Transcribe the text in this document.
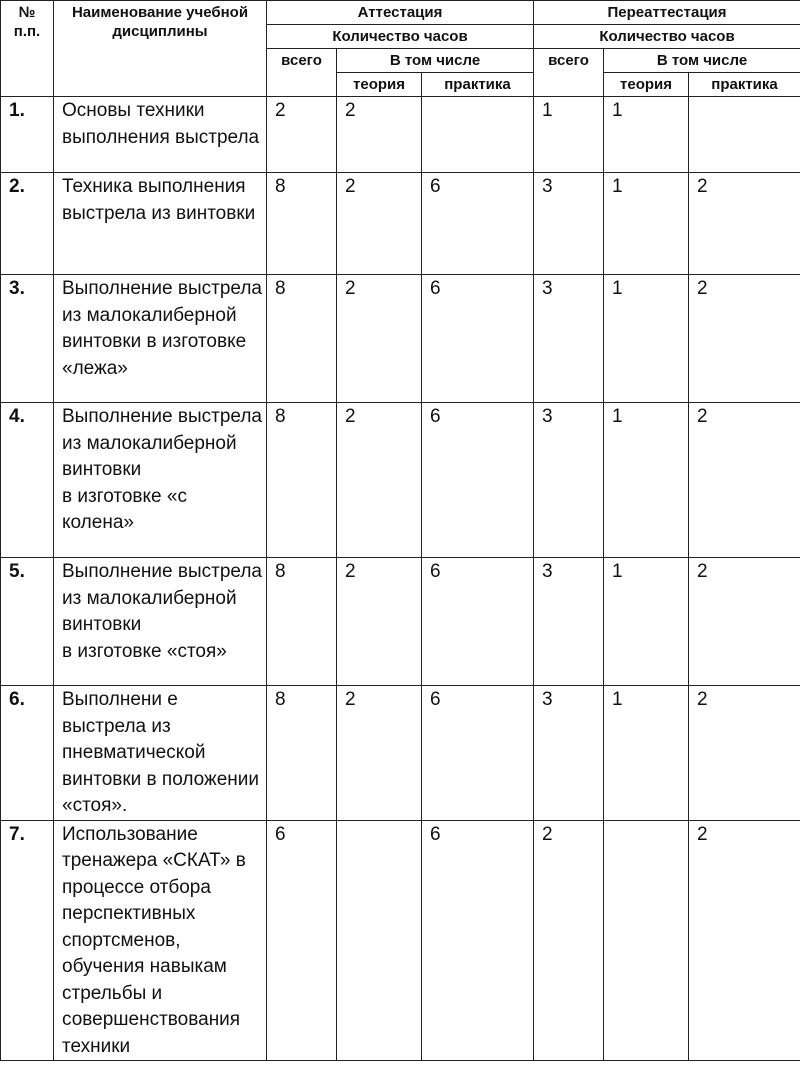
№
п.п.	Наименование учебной дисциплины	Аттестация			Переаттестация		
		Количество часов			Количество часов		
		всего	В том числе		всего	В том числе	
			теория	практика		теория	практика
1.	Основы техники выполнения выстрела	2	2		1	1	
2.	Техника выполнения выстрела из винтовки	8	2	6	3	1	2
3.	Выполнение выстрела из малокалиберной винтовки в изготовке «лежа»	8	2	6	3	1	2
4.	Выполнение выстрела из малокалиберной винтовки
в изготовке «с колена»	8	2	6	3	1	2
5.	Выполнение выстрела из малокалиберной винтовки
в изготовке «стоя»	8	2	6	3	1	2
6.	Выполнени е выстрела из пневматической винтовки в положении «стоя».	8	2	6	3	1	2
7.	Использование тренажера «СКАТ» в процессе отбора перспективных спортсменов, обучения навыкам стрельбы и совершенствования техники	6		6	2		2
